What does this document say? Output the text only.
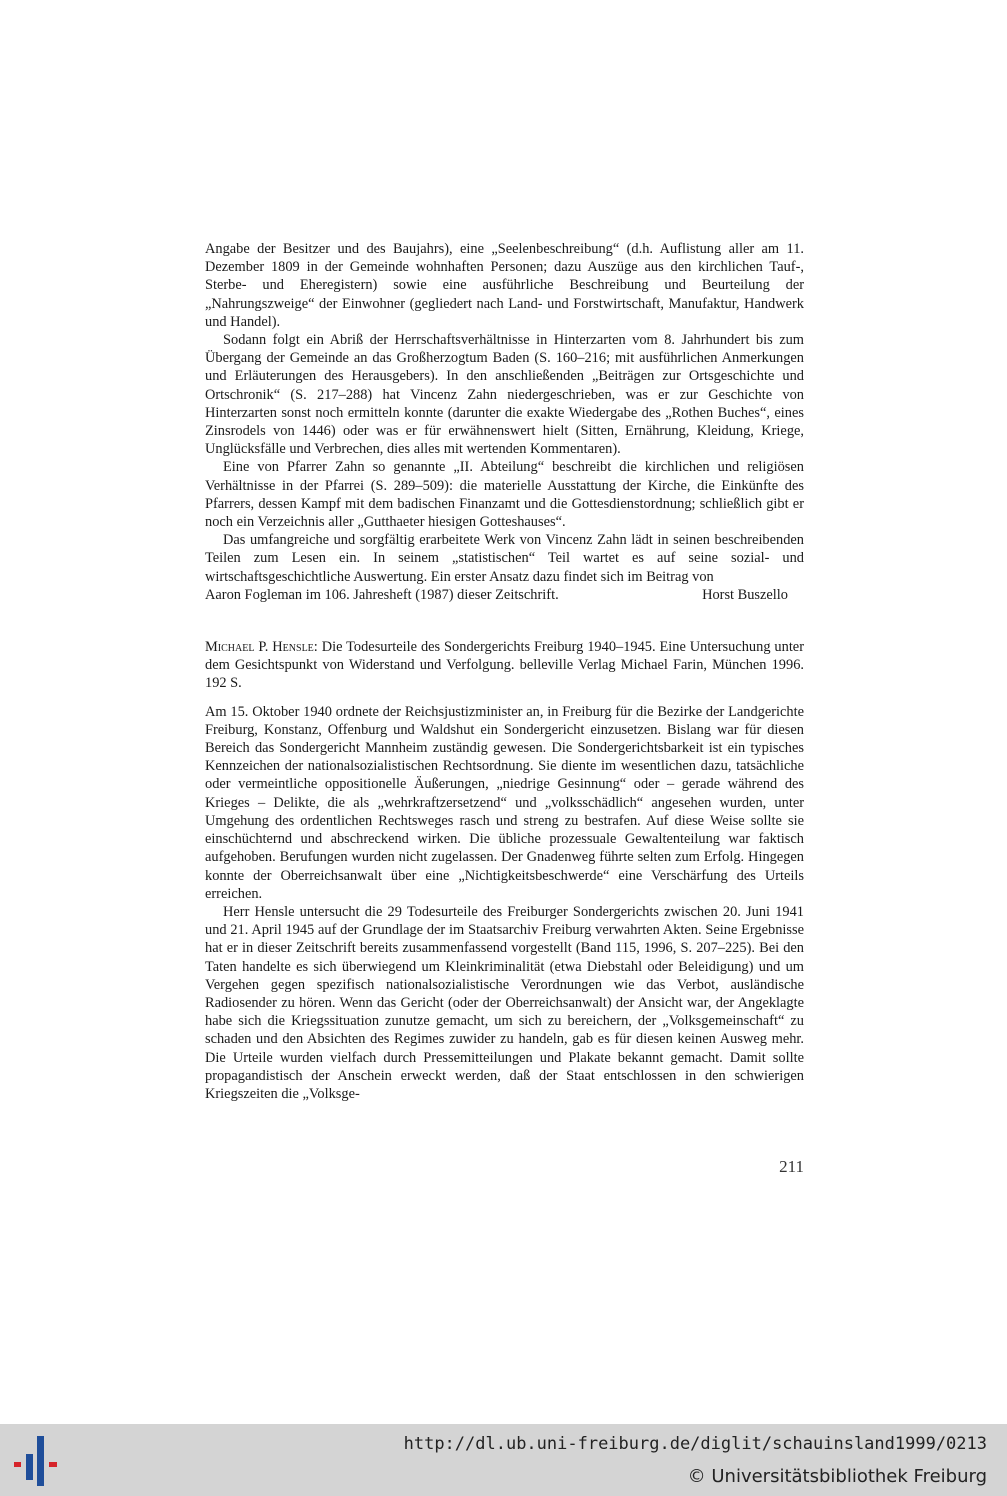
Angabe der Besitzer und des Baujahrs), eine „Seelenbeschreibung“ (d.h. Auflistung aller am 11. Dezember 1809 in der Gemeinde wohnhaften Personen; dazu Auszüge aus den kirchlichen Tauf-, Sterbe- und Eheregistern) sowie eine ausführliche Beschreibung und Beurteilung der „Nahrungszweige“ der Einwohner (gegliedert nach Land- und Forstwirtschaft, Manufaktur, Handwerk und Handel).

Sodann folgt ein Abriß der Herrschaftsverhältnisse in Hinterzarten vom 8. Jahrhundert bis zum Übergang der Gemeinde an das Großherzogtum Baden (S. 160–216; mit ausführlichen Anmerkungen und Erläuterungen des Herausgebers). In den anschließenden „Beiträgen zur Ortsgeschichte und Ortschronik“ (S. 217–288) hat Vincenz Zahn niedergeschrieben, was er zur Geschichte von Hinterzarten sonst noch ermitteln konnte (darunter die exakte Wiedergabe des „Rothen Buches“, eines Zinsrodels von 1446) oder was er für erwähnenswert hielt (Sitten, Ernährung, Kleidung, Kriege, Unglücksfälle und Verbrechen, dies alles mit wertenden Kommentaren).

Eine von Pfarrer Zahn so genannte „II. Abteilung“ beschreibt die kirchlichen und religiösen Verhältnisse in der Pfarrei (S. 289–509): die materielle Ausstattung der Kirche, die Einkünfte des Pfarrers, dessen Kampf mit dem badischen Finanzamt und die Gottesdienstordnung; schließlich gibt er noch ein Verzeichnis aller „Gutthaeter hiesigen Gotteshauses“.

Das umfangreiche und sorgfältig erarbeitete Werk von Vincenz Zahn lädt in seinen beschreibenden Teilen zum Lesen ein. In seinem „statistischen“ Teil wartet es auf seine sozial- und wirtschaftsgeschichtliche Auswertung. Ein erster Ansatz dazu findet sich im Beitrag von

Aaron Fogleman im 106. Jahresheft (1987) dieser Zeitschrift.	Horst Buszello

Michael P. Hensle: Die Todesurteile des Sondergerichts Freiburg 1940–1945. Eine Untersuchung unter dem Gesichtspunkt von Widerstand und Verfolgung. belleville Verlag Michael Farin, München 1996. 192 S.

Am 15. Oktober 1940 ordnete der Reichsjustizminister an, in Freiburg für die Bezirke der Landgerichte Freiburg, Konstanz, Offenburg und Waldshut ein Sondergericht einzusetzen. Bislang war für diesen Bereich das Sondergericht Mannheim zuständig gewesen. Die Sondergerichtsbarkeit ist ein typisches Kennzeichen der nationalsozialistischen Rechtsordnung. Sie diente im wesentlichen dazu, tatsächliche oder vermeintliche oppositionelle Äußerungen, „niedrige Gesinnung“ oder – gerade während des Krieges – Delikte, die als „wehrkraftzersetzend“ und „volksschädlich“ angesehen wurden, unter Umgehung des ordentlichen Rechtsweges rasch und streng zu bestrafen. Auf diese Weise sollte sie einschüchternd und abschreckend wirken. Die übliche prozessuale Gewaltenteilung war faktisch aufgehoben. Berufungen wurden nicht zugelassen. Der Gnadenweg führte selten zum Erfolg. Hingegen konnte der Oberreichsanwalt über eine „Nichtigkeitsbeschwerde“ eine Verschärfung des Urteils erreichen.

Herr Hensle untersucht die 29 Todesurteile des Freiburger Sondergerichts zwischen 20. Juni 1941 und 21. April 1945 auf der Grundlage der im Staatsarchiv Freiburg verwahrten Akten. Seine Ergebnisse hat er in dieser Zeitschrift bereits zusammenfassend vorgestellt (Band 115, 1996, S. 207–225). Bei den Taten handelte es sich überwiegend um Kleinkriminalität (etwa Diebstahl oder Beleidigung) und um Vergehen gegen spezifisch nationalsozialistische Verordnungen wie das Verbot, ausländische Radiosender zu hören. Wenn das Gericht (oder der Oberreichsanwalt) der Ansicht war, der Angeklagte habe sich die Kriegssituation zunutze gemacht, um sich zu bereichern, der „Volksgemeinschaft“ zu schaden und den Absichten des Regimes zuwider zu handeln, gab es für diesen keinen Ausweg mehr. Die Urteile wurden vielfach durch Pressemitteilungen und Plakate bekannt gemacht. Damit sollte propagandistisch der Anschein erweckt werden, daß der Staat entschlossen in den schwierigen Kriegszeiten die „Volksge-

211
http://dl.ub.uni-freiburg.de/diglit/schauinsland1999/0213
© Universitätsbibliothek Freiburg
